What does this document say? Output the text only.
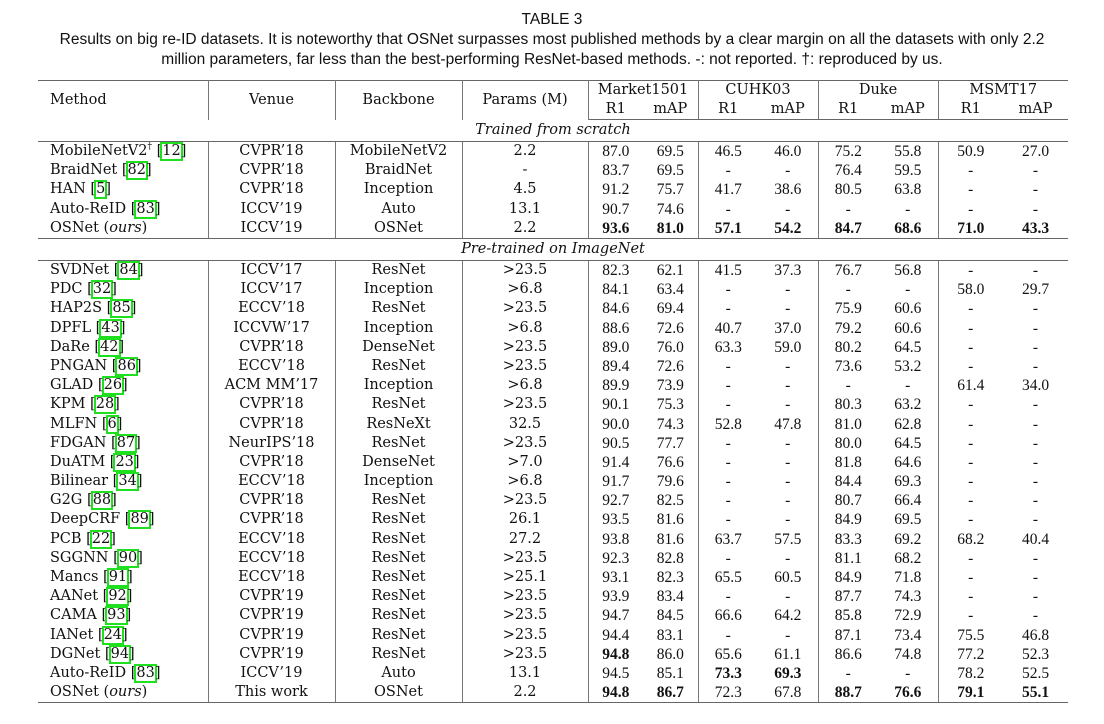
TABLE 3
Results on big re-ID datasets. It is noteworthy that OSNet surpasses most published methods by a clear margin on all the datasets with only 2.2
million parameters, far less than the best-performing ResNet-based methods. -: not reported. †: reproduced by us.
Method	Venue	Backbone	Params (M)	Market1501		CUHK03		Duke		MSMT17	
				R1	mAP	R1	mAP	R1	mAP	R1	mAP
Trained from scratch											
MobileNetV2† [12]	CVPR’18	MobileNetV2	2.2	87.0	69.5	46.5	46.0	75.2	55.8	50.9	27.0
BraidNet [82]	CVPR’18	BraidNet	-	83.7	69.5	-	-	76.4	59.5	-	-
HAN [5]	CVPR’18	Inception	4.5	91.2	75.7	41.7	38.6	80.5	63.8	-	-
Auto-ReID [83]	ICCV’19	Auto	13.1	90.7	74.6	-	-	-	-	-	-
OSNet (ours)	ICCV’19	OSNet	2.2	93.6	81.0	57.1	54.2	84.7	68.6	71.0	43.3
Pre-trained on ImageNet											
SVDNet [84]	ICCV’17	ResNet	>23.5	82.3	62.1	41.5	37.3	76.7	56.8	-	-
PDC [32]	ICCV’17	Inception	>6.8	84.1	63.4	-	-	-	-	58.0	29.7
HAP2S [85]	ECCV’18	ResNet	>23.5	84.6	69.4	-	-	75.9	60.6	-	-
DPFL [43]	ICCVW’17	Inception	>6.8	88.6	72.6	40.7	37.0	79.2	60.6	-	-
DaRe [42]	CVPR’18	DenseNet	>23.5	89.0	76.0	63.3	59.0	80.2	64.5	-	-
PNGAN [86]	ECCV’18	ResNet	>23.5	89.4	72.6	-	-	73.6	53.2	-	-
GLAD [26]	ACM MM’17	Inception	>6.8	89.9	73.9	-	-	-	-	61.4	34.0
KPM [28]	CVPR’18	ResNet	>23.5	90.1	75.3	-	-	80.3	63.2	-	-
MLFN [6]	CVPR’18	ResNeXt	32.5	90.0	74.3	52.8	47.8	81.0	62.8	-	-
FDGAN [87]	NeurIPS’18	ResNet	>23.5	90.5	77.7	-	-	80.0	64.5	-	-
DuATM [23]	CVPR’18	DenseNet	>7.0	91.4	76.6	-	-	81.8	64.6	-	-
Bilinear [34]	ECCV’18	Inception	>6.8	91.7	79.6	-	-	84.4	69.3	-	-
G2G [88]	CVPR’18	ResNet	>23.5	92.7	82.5	-	-	80.7	66.4	-	-
DeepCRF [89]	CVPR’18	ResNet	26.1	93.5	81.6	-	-	84.9	69.5	-	-
PCB [22]	ECCV’18	ResNet	27.2	93.8	81.6	63.7	57.5	83.3	69.2	68.2	40.4
SGGNN [90]	ECCV’18	ResNet	>23.5	92.3	82.8	-	-	81.1	68.2	-	-
Mancs [91]	ECCV’18	ResNet	>25.1	93.1	82.3	65.5	60.5	84.9	71.8	-	-
AANet [92]	CVPR’19	ResNet	>23.5	93.9	83.4	-	-	87.7	74.3	-	-
CAMA [93]	CVPR’19	ResNet	>23.5	94.7	84.5	66.6	64.2	85.8	72.9	-	-
IANet [24]	CVPR’19	ResNet	>23.5	94.4	83.1	-	-	87.1	73.4	75.5	46.8
DGNet [94]	CVPR’19	ResNet	>23.5	94.8	86.0	65.6	61.1	86.6	74.8	77.2	52.3
Auto-ReID [83]	ICCV’19	Auto	13.1	94.5	85.1	73.3	69.3	-	-	78.2	52.5
OSNet (ours)	This work	OSNet	2.2	94.8	86.7	72.3	67.8	88.7	76.6	79.1	55.1
